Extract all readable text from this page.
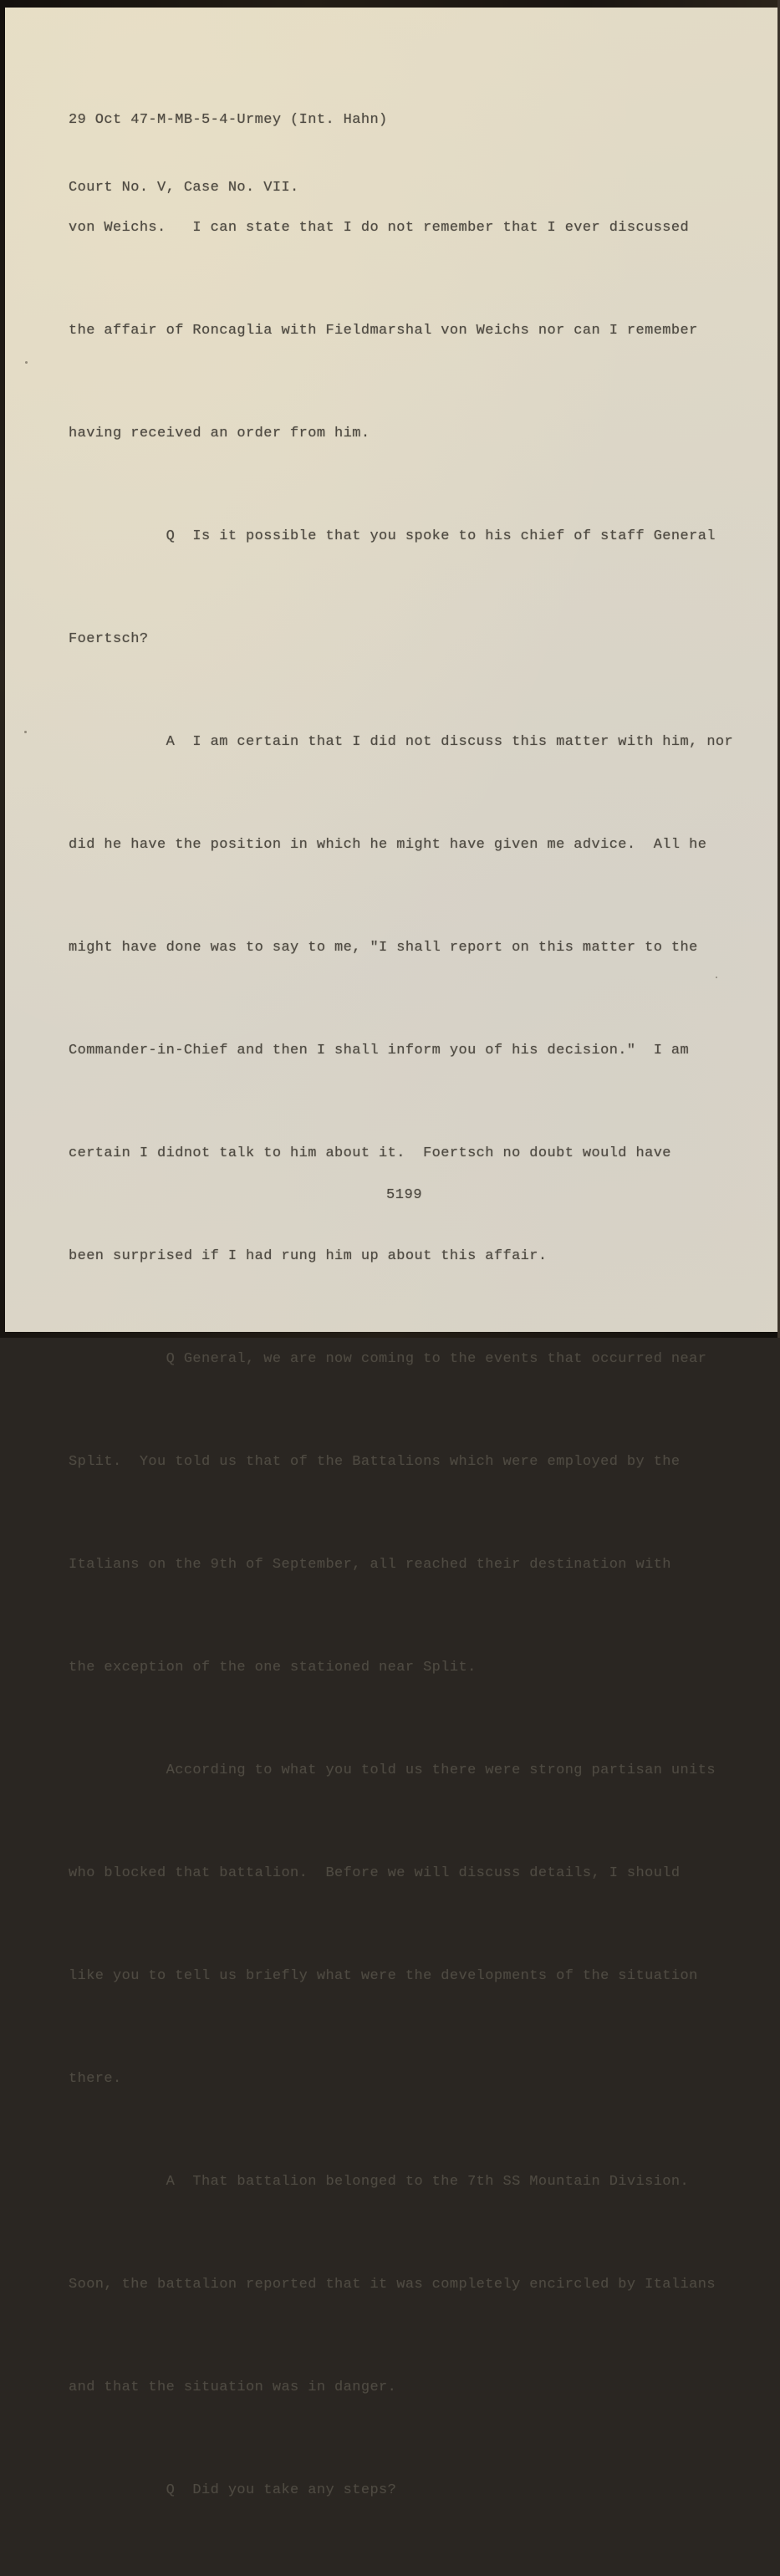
29 Oct 47-M-MB-5-4-Urmey (Int. Hahn)

Court No. V, Case No. VII.

von Weichs.   I can state that I do not remember that I ever discussed

the affair of Roncaglia with Fieldmarshal von Weichs nor can I remember

having received an order from him.

Q  Is it possible that you spoke to his chief of staff General

Foertsch?

A  I am certain that I did not discuss this matter with him, nor

did he have the position in which he might have given me advice.  All he

might have done was to say to me, "I shall report on this matter to the

Commander-in-Chief and then I shall inform you of his decision."  I am

certain I didnot talk to him about it.  Foertsch no doubt would have

been surprised if I had rung him up about this affair.

Q General, we are now coming to the events that occurred near

Split.  You told us that of the Battalions which were employed by the

Italians on the 9th of September, all reached their destination with

the exception of the one stationed near Split.

According to what you told us there were strong partisan units

who blocked that battalion.  Before we will discuss details, I should

like you to tell us briefly what were the developments of the situation

there.

A  That battalion belonged to the 7th SS Mountain Division.

Soon, the battalion reported that it was completely encircled by Italians

and that the situation was in danger.

Q  Did you take any steps?

5199
